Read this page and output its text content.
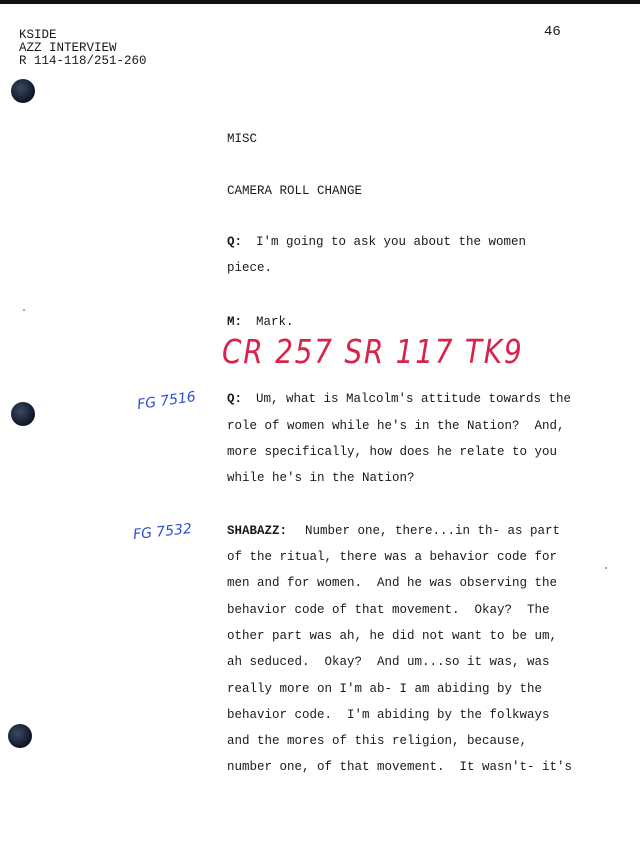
KSIDE
AZZ INTERVIEW
R 114-118/251-260
46
MISC
CAMERA ROLL CHANGE
Q: I'm going to ask you about the women
piece.
M: Mark.
CR 257 SR 117 TK9
FG 7516 Q: Um, what is Malcolm's attitude towards the
role of women while he's in the Nation?  And,
more specifically, how does he relate to you
while he's in the Nation?
FG 7532	SHABAZZ: Number one, there...in th- as part
of the ritual, there was a behavior code for
men and for women.  And he was observing the
behavior code of that movement.  Okay?  The
other part was ah, he did not want to be um,
ah seduced.  Okay?  And um...so it was, was
really more on I'm ab- I am abiding by the
behavior code.  I'm abiding by the folkways
and the mores of this religion, because,
number one, of that movement.  It wasn't- it's
